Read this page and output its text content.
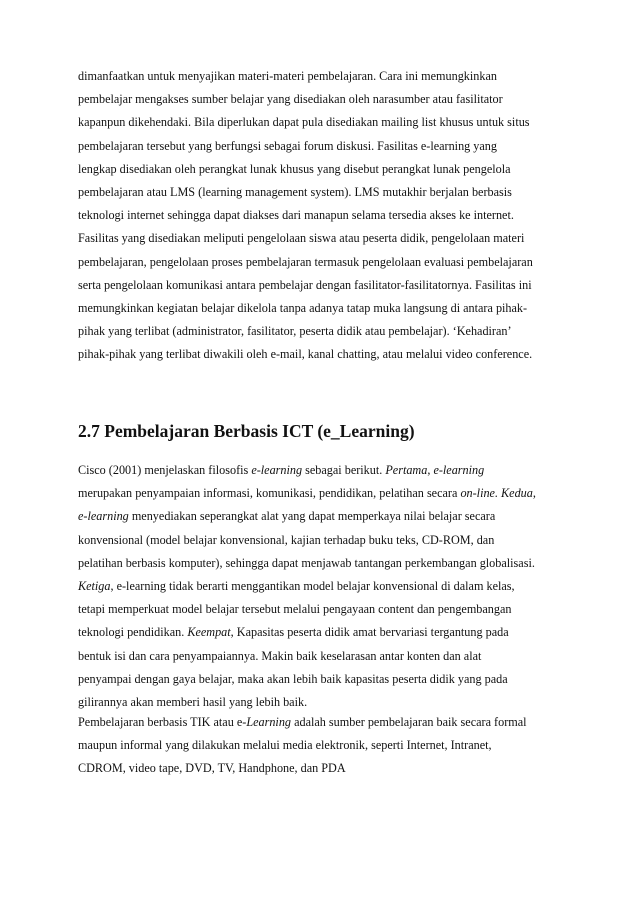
dimanfaatkan untuk menyajikan materi-materi pembelajaran. Cara ini memungkinkan
pembelajar mengakses sumber belajar yang disediakan oleh narasumber atau fasilitator
kapanpun dikehendaki. Bila diperlukan dapat pula disediakan mailing list khusus untuk situs
pembelajaran tersebut yang berfungsi sebagai forum diskusi. Fasilitas e-learning yang
lengkap disediakan oleh perangkat lunak khusus yang disebut perangkat lunak pengelola
pembelajaran atau LMS (learning management system). LMS mutakhir berjalan berbasis
teknologi internet sehingga dapat diakses dari manapun selama tersedia akses ke internet.
Fasilitas yang disediakan meliputi pengelolaan siswa atau peserta didik, pengelolaan materi
pembelajaran, pengelolaan proses pembelajaran termasuk pengelolaan evaluasi pembelajaran
serta pengelolaan komunikasi antara pembelajar dengan fasilitator-fasilitatornya. Fasilitas ini
memungkinkan kegiatan belajar dikelola tanpa adanya tatap muka langsung di antara pihak-
pihak yang terlibat (administrator, fasilitator, peserta didik atau pembelajar). ‘Kehadiran’
pihak-pihak yang terlibat diwakili oleh e-mail, kanal chatting, atau melalui video conference.

2.7 Pembelajaran Berbasis ICT (e_Learning)

Cisco (2001) menjelaskan filosofis e-learning sebagai berikut. Pertama, e-learning
merupakan penyampaian informasi, komunikasi, pendidikan, pelatihan secara on-line. Kedua,
e-learning menyediakan seperangkat alat yang dapat memperkaya nilai belajar secara
konvensional (model belajar konvensional, kajian terhadap buku teks, CD-ROM, dan
pelatihan berbasis komputer), sehingga dapat menjawab tantangan perkembangan globalisasi.
Ketiga, e-learning tidak berarti menggantikan model belajar konvensional di dalam kelas,
tetapi memperkuat model belajar tersebut melalui pengayaan content dan pengembangan
teknologi pendidikan. Keempat, Kapasitas peserta didik amat bervariasi tergantung pada
bentuk isi dan cara penyampaiannya. Makin baik keselarasan antar konten dan alat
penyampai dengan gaya belajar, maka akan lebih baik kapasitas peserta didik yang pada
gilirannya akan memberi hasil yang lebih baik.

Pembelajaran berbasis TIK atau e-Learning adalah sumber pembelajaran baik secara formal
maupun informal yang dilakukan melalui media elektronik, seperti Internet, Intranet,
CDROM, video tape, DVD, TV, Handphone, dan PDA
